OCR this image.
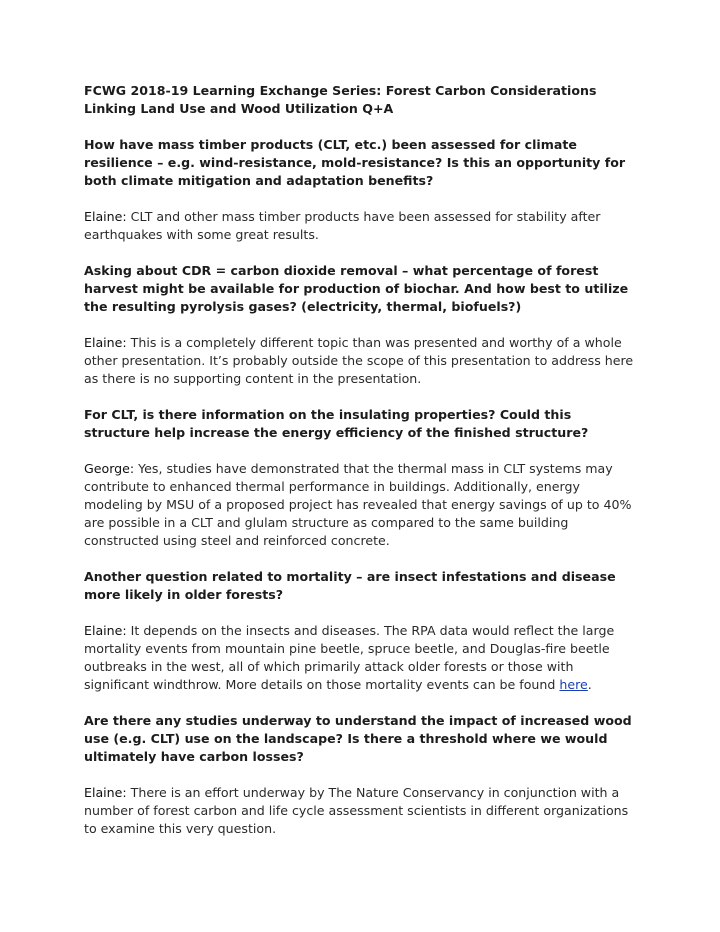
FCWG 2018-19 Learning Exchange Series: Forest Carbon Considerations Linking Land Use and Wood Utilization Q+A

How have mass timber products (CLT, etc.) been assessed for climate resilience – e.g. wind-resistance, mold-resistance? Is this an opportunity for both climate mitigation and adaptation benefits?

Elaine: CLT and other mass timber products have been assessed for stability after earthquakes with some great results.

Asking about CDR = carbon dioxide removal – what percentage of forest harvest might be available for production of biochar. And how best to utilize the resulting pyrolysis gases? (electricity, thermal, biofuels?)

Elaine: This is a completely different topic than was presented and worthy of a whole other presentation. It’s probably outside the scope of this presentation to address here as there is no supporting content in the presentation.

For CLT, is there information on the insulating properties? Could this structure help increase the energy efficiency of the finished structure?

George: Yes, studies have demonstrated that the thermal mass in CLT systems may contribute to enhanced thermal performance in buildings. Additionally, energy modeling by MSU of a proposed project has revealed that energy savings of up to 40% are possible in a CLT and glulam structure as compared to the same building constructed using steel and reinforced concrete.

Another question related to mortality – are insect infestations and disease more likely in older forests?

Elaine: It depends on the insects and diseases. The RPA data would reflect the large mortality events from mountain pine beetle, spruce beetle, and Douglas-fire beetle outbreaks in the west, all of which primarily attack older forests or those with significant windthrow. More details on those mortality events can be found here.

Are there any studies underway to understand the impact of increased wood use (e.g. CLT) use on the landscape? Is there a threshold where we would ultimately have carbon losses?

Elaine: There is an effort underway by The Nature Conservancy in conjunction with a number of forest carbon and life cycle assessment scientists in different organizations to examine this very question.
